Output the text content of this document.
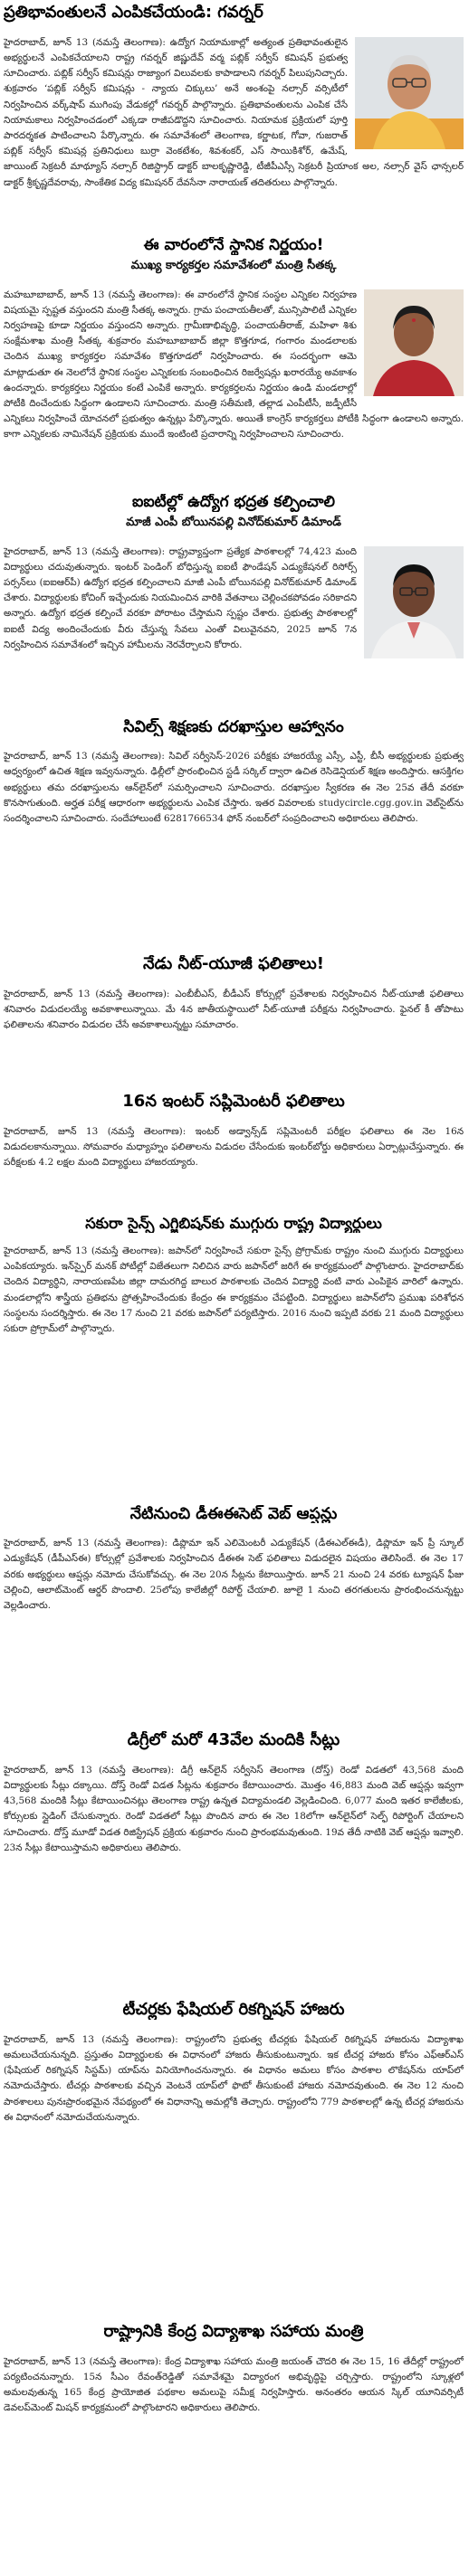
ప్రతిభావంతులనే ఎంపికచేయండి: గవర్నర్
హైదరాబాద్‌, జూన్‌ 13 (నమస్తే తెలంగాణ): ఉద్యోగ నియామకాల్లో అత్యంత ప్రతిభావంతులైన అభ్యర్థులనే ఎంపికచేయాలని రాష్ట్ర గవర్నర్‌ జిష్ణుదేవ్‌ వర్మ పబ్లిక్‌ సర్వీస్‌ కమిషన్‌ ప్రభుత్వ సూచించారు. పబ్లిక్‌ సర్వీస్‌ కమిషన్లు రాజ్యాంగ విలువలకు కాపాడాలని గవర్నర్‌ పిలుపునిచ్చారు. శుక్రవారం ‘పబ్లిక్‌ సర్వీస్‌ కమిషన్లు - న్యాయ చిక్కులు’ అనే అంశంపై నల్సార్‌ వర్సిటీలో నిర్వహించిన వర్క్‌షాప్‌ ముగింపు వేడుకల్లో గవర్నర్‌ పాల్గొన్నారు. ప్రతిభావంతులను ఎంపిక చేసే నియామకాలు నిర్వహించడంలో ఎక్కడా రాజీపడొద్దని సూచించారు. నియామక ప్రక్రియలో పూర్తి పారదర్శకత పాటించాలని పేర్కొన్నారు. ఈ సమావేశంలో తెలంగాణ, కర్ణాటక, గోవా, గుజరాత్‌ పబ్లిక్‌ సర్వీస్‌ కమిషన్ల ప్రతినిధులు బుర్రా వెంకటేశం, శివశంకర్‌, ఎస్‌ సాయికిశోర్‌, ఉమేష్‌, జాయింట్‌ సెక్రటరీ మాథ్యూస్‌ నల్సార్‌ రిజిస్ట్రార్‌ డాక్టర్‌ బాలకృష్ణారెడ్డి, టీజీపీఎస్సీ సెక్రటరీ ప్రియాంక అల, నల్సార్‌ వైస్‌ ఛాన్సలర్‌ డాక్టర్‌ శ్రీకృష్ణదేవరావు, సాంకేతిక విద్య కమిషనర్‌ దేవసేనా నారాయణ్‌ తదితరులు పాల్గొన్నారు.
ఈ వారంలోనే స్థానిక నిర్ణయం!
ముఖ్య కార్యకర్తల సమావేశంలో మంత్రి సీతక్క
మహబూబాబాద్‌, జూన్‌ 13 (నమస్తే తెలంగాణ): ఈ వారంలోనే స్థానిక సంస్థల ఎన్నికల నిర్వహణ విషయమై స్పష్టత వస్తుందని మంత్రి సీతక్క అన్నారు. గ్రామ పంచాయతీలతో, మున్సిపాలిటీ ఎన్నికల నిర్వహణపై కూడా నిర్ణయం వస్తుందని అన్నారు. గ్రామీణాభివృద్ధి, పంచాయతీరాజ్‌, మహిళా శిశు సంక్షేమశాఖ మంత్రి సీతక్క శుక్రవారం మహబూబాబాద్‌ జిల్లా కొత్తగూడ, గంగారం మండలాలకు చెందిన ముఖ్య కార్యకర్తల సమావేశం కొత్తగూడలో నిర్వహించారు. ఈ సందర్భంగా ఆమె మాట్లాడుతూ ఈ నెలలోనే స్థానిక సంస్థల ఎన్నికలకు సంబంధించిన రిజర్వేషన్లు ఖరారయ్యే అవకాశం ఉందన్నారు. కార్యకర్తలు నిర్ణయం కంటే ఎంపికే అన్నారు. కార్యకర్తలను నిర్ణయం ఉండి మండలాల్లో పోటీకి దించేందుకు సిద్ధంగా ఉండాలని సూచించారు. మంత్రి సతీమణి, తల్లాడ ఎంపీటీసీ, జడ్పీటీసీ ఎన్నికలు నిర్వహించే యోచనలో ప్రభుత్వం ఉన్నట్లు పేర్కొన్నారు. అయితే కాంగ్రెస్‌ కార్యకర్తలు పోటీకి సిద్ధంగా ఉండాలని అన్నారు. కాగా ఎన్నికలకు నామినేషన్‌ ప్రక్రియకు ముందే ఇంటింటి ప్రచారాన్ని నిర్వహించాలని సూచించారు.
ఐఐటీల్లో ఉద్యోగ భద్రత కల్పించాలి
మాజీ ఎంపీ బోయినపల్లి వినోద్‌కుమార్‌ డిమాండ్‌
హైదరాబాద్‌, జూన్‌ 13 (నమస్తే తెలంగాణ): రాష్ట్రవ్యాప్తంగా ప్రత్యేక పాఠశాలల్లో 74,423 మంది విద్యార్థులు చదువుతున్నారు. ఇంటర్‌ పెండింగ్‌ బోధిస్తున్న ఐఐటీ ఫౌండేషన్‌ ఎడ్యుకేషనల్‌ రిసోర్స్‌ పర్సన్‌లు (ఐఐఆర్‌పీ) ఉద్యోగ భద్రత కల్పించాలని మాజీ ఎంపీ బోయినపల్లి వినోద్‌కుమార్‌ డిమాండ్‌ చేశారు. విద్యార్థులకు కోచింగ్‌ ఇచ్చేందుకు నియమించిన వారికి వేతనాలు చెల్లించకపోవడం సరికాదని అన్నారు. ఉద్యోగ భద్రత కల్పించే వరకూ పోరాటం చేస్తామని స్పష్టం చేశారు. ప్రభుత్వ పాఠశాలల్లో ఐఐటీ విద్య అందించేందుకు వీరు చేస్తున్న సేవలు ఎంతో విలువైనవని, 2025 జూన్‌ 7న నిర్వహించిన సమావేశంలో ఇచ్చిన హామీలను నెరవేర్చాలని కోరారు.
సివిల్స్‌ శిక్షణకు దరఖాస్తుల ఆహ్వానం
హైదరాబాద్‌, జూన్‌ 13 (నమస్తే తెలంగాణ): సివిల్‌ సర్వీసెస్‌-2026 పరీక్షకు హాజరయ్యే ఎస్సీ, ఎస్టీ, బీసీ అభ్యర్థులకు ప్రభుత్వ ఆధ్వర్యంలో ఉచిత శిక్షణ ఇవ్వనున్నారు. ఢిల్లీలో ప్రారంభించిన స్టడీ సర్కిల్‌ ద్వారా ఉచిత రెసిడెన్షియల్‌ శిక్షణ అందిస్తారు. ఆసక్తిగల అభ్యర్థులు తమ దరఖాస్తులను ఆన్‌లైన్‌లో సమర్పించాలని సూచించారు. దరఖాస్తుల స్వీకరణ ఈ నెల 25వ తేదీ వరకూ కొనసాగుతుంది. అర్హత పరీక్ష ఆధారంగా అభ్యర్థులను ఎంపిక చేస్తారు. ఇతర వివరాలకు studycircle.cgg.gov.in వెబ్‌సైట్‌ను సందర్శించాలని సూచించారు. సందేహాలుంటే 6281766534 ఫోన్‌ నంబర్‌లో సంప్రదించాలని అధికారులు తెలిపారు.
నేడు నీట్‌-యూజీ ఫలితాలు!
హైదరాబాద్‌, జూన్‌ 13 (నమస్తే తెలంగాణ): ఎంబీబీఎస్‌, బీడీఎస్‌ కోర్సుల్లో ప్రవేశాలకు నిర్వహించిన నీట్‌-యూజీ ఫలితాలు శనివారం విడుదలయ్యే అవకాశాలున్నాయి. మే 4న జాతీయస్థాయిలో నీట్‌-యూజీ పరీక్షను నిర్వహించారు. ఫైనల్‌ కీ తోపాటు ఫలితాలను శనివారం విడుదల చేసే అవకాశాలున్నట్టు సమాచారం.
16న ఇంటర్‌ సప్లిమెంటరీ ఫలితాలు
హైదరాబాద్‌, జూన్‌ 13 (నమస్తే తెలంగాణ): ఇంటర్‌ అడ్వాన్స్‌డ్‌ సప్లిమెంటరీ పరీక్షల ఫలితాలు ఈ నెల 16న విడుదలకానున్నాయి. సోమవారం మధ్యాహ్నం ఫలితాలను విడుదల చేసేందుకు ఇంటర్‌బోర్డు అధికారులు ఏర్పాట్లుచేస్తున్నారు. ఈ పరీక్షలకు 4.2 లక్షల మంది విద్యార్థులు హాజరయ్యారు.
సకురా సైన్స్‌ ఎగ్జిబిషన్‌కు ముగ్గురు రాష్ట్ర విద్యార్థులు
హైదరాబాద్‌, జూన్‌ 13 (నమస్తే తెలంగాణ): జపాన్‌లో నిర్వహించే సకురా సైన్స్‌ ప్రోగ్రామ్‌కు రాష్ట్రం నుంచి ముగ్గురు విద్యార్థులు ఎంపికయ్యారు. ఇన్‌స్పైర్‌ మనక్‌ పోటీల్లో విజేతలుగా నిలిచిన వారు జపాన్‌లో జరిగే ఈ కార్యక్రమంలో పాల్గొంటారు. హైదరాబాద్‌కు చెందిన విద్యార్థిని, నారాయణపేట జిల్లా దామరగిద్ద బాలుర పాఠశాలకు చెందిన విద్యార్థి వంటి వారు ఎంపికైన వారిలో ఉన్నారు. మండలాల్లోని శాస్త్రీయ ప్రతిభను ప్రోత్సహించేందుకు కేంద్రం ఈ కార్యక్రమం చేపట్టింది. విద్యార్థులు జపాన్‌లోని ప్రముఖ పరిశోధన సంస్థలను సందర్శిస్తారు. ఈ నెల 17 నుంచి 21 వరకు జపాన్‌లో పర్యటిస్తారు. 2016 నుంచి ఇప్పటి వరకు 21 మంది విద్యార్థులు సకురా ప్రోగ్రామ్‌లో పాల్గొన్నారు.
నేటినుంచి డీఈఈసెట్‌ వెబ్‌ ఆప్షన్లు
హైదరాబాద్‌, జూన్‌ 13 (నమస్తే తెలంగాణ): డిప్లొమా ఇన్‌ ఎలిమెంటరీ ఎడ్యుకేషన్‌ (డీఈఎల్‌ఈడీ), డిప్లొమా ఇన్‌ ప్రీ స్కూల్‌ ఎడ్యుకేషన్‌ (డీపీఎస్‌ఈ) కోర్సుల్లో ప్రవేశాలకు నిర్వహించిన డీఈఈ సెట్‌ ఫలితాలు విడుదలైన విషయం తెలిసిందే. ఈ నెల 17 వరకు అభ్యర్థులు ఆప్షన్లు నమోదు చేసుకోవచ్చు. ఈ నెల 20న సీట్లను కేటాయిస్తారు. జూన్‌ 21 నుంచి 24 వరకు ట్యూషన్‌ ఫీజు చెల్లించి, ఆలాట్‌మెంట్‌ ఆర్డర్‌ పొందాలి. 25లోపు కాలేజీల్లో రిపోర్ట్‌ చేయాలి. జూలై 1 నుంచి తరగతులను ప్రారంభించనున్నట్టు వెల్లడించారు.
డిగ్రీలో మరో 43వేల మందికి సీట్లు
హైదరాబాద్‌, జూన్‌ 13 (నమస్తే తెలంగాణ): డిగ్రీ ఆన్‌లైన్‌ సర్వీసెస్‌ తెలంగాణ (దోస్త్‌) రెండో విడతలో 43,568 మంది విద్యార్థులకు సీట్లు దక్కాయి. దోస్త్‌ రెండో విడత సీట్లను శుక్రవారం కేటాయించారు. మొత్తం 46,883 మంది వెబ్‌ ఆప్షన్లు ఇవ్వగా 43,568 మందికి సీట్లు కేటాయించినట్లు తెలంగాణ రాష్ట్ర ఉన్నత విద్యామండలి వెల్లడించింది. 6,077 మంది ఇతర కాలేజీలకు, కోర్సులకు స్లైడింగ్‌ చేసుకున్నారు. రెండో విడతలో సీట్లు పొందిన వారు ఈ నెల 18లోగా ఆన్‌లైన్‌లో సెల్ఫ్‌ రిపోర్టింగ్‌ చేయాలని సూచించారు. దోస్త్‌ మూడో విడత రిజిస్ట్రేషన్‌ ప్రక్రియ శుక్రవారం నుంచి ప్రారంభమవుతుంది. 19వ తేదీ నాటికి వెబ్‌ ఆప్షన్లు ఇవ్వాలి. 23న సీట్లు కేటాయిస్తామని అధికారులు తెలిపారు.
టీచర్లకు ఫేషియల్‌ రికగ్నిషన్‌ హాజరు
హైదరాబాద్‌, జూన్‌ 13 (నమస్తే తెలంగాణ): రాష్ట్రంలోని ప్రభుత్వ టీచర్లకు ఫేషియల్‌ రికగ్నిషన్‌ హాజరును విద్యాశాఖ అమలుచేయనున్నది. ప్రస్తుతం విద్యార్థులకు ఈ విధానంలో హాజరు తీసుకుంటున్నారు. ఇక టీచర్ల హాజరు కోసం ఎఫ్‌ఆర్‌ఎస్‌ (ఫేషియల్‌ రికగ్నిషన్‌ సిస్టమ్‌) యాప్‌ను వినియోగించనున్నారు. ఈ విధానం అమలు కోసం పాఠశాల లొకేషన్‌ను యాప్‌లో నమోదుచేస్తారు. టీచర్లు పాఠశాలకు వచ్చిన వెంటనే యాప్‌లో ఫొటో తీసుకుంటే హాజరు నమోదవుతుంది. ఈ నెల 12 నుంచి పాఠశాలలు పునఃప్రారంభమైన నేపథ్యంలో ఈ విధానాన్ని అమల్లోకి తెచ్చారు. రాష్ట్రంలోని 779 పాఠశాలల్లో ఉన్న టీచర్ల హాజరును ఈ విధానంలో నమోదుచేయనున్నారు.
రాష్ట్రానికి కేంద్ర విద్యాశాఖ సహాయ మంత్రి
హైదరాబాద్‌, జూన్‌ 13 (నమస్తే తెలంగాణ): కేంద్ర విద్యాశాఖ సహాయ మంత్రి జయంత్‌ చౌదరి ఈ నెల 15, 16 తేదీల్లో రాష్ట్రంలో పర్యటించనున్నారు. 15న సీఎం రేవంత్‌రెడ్డితో సమావేశమై విద్యారంగ అభివృద్ధిపై చర్చిస్తారు. రాష్ట్రంలోని స్కూళ్లలో అమలవుతున్న 165 కేంద్ర ప్రాయోజిత పథకాల అమలుపై సమీక్ష నిర్వహిస్తారు. అనంతరం ఆయన స్కిల్‌ యూనివర్సిటీ డెవలప్‌మెంట్‌ మిషన్‌ కార్యక్రమంలో పాల్గొంటారని అధికారులు తెలిపారు.
